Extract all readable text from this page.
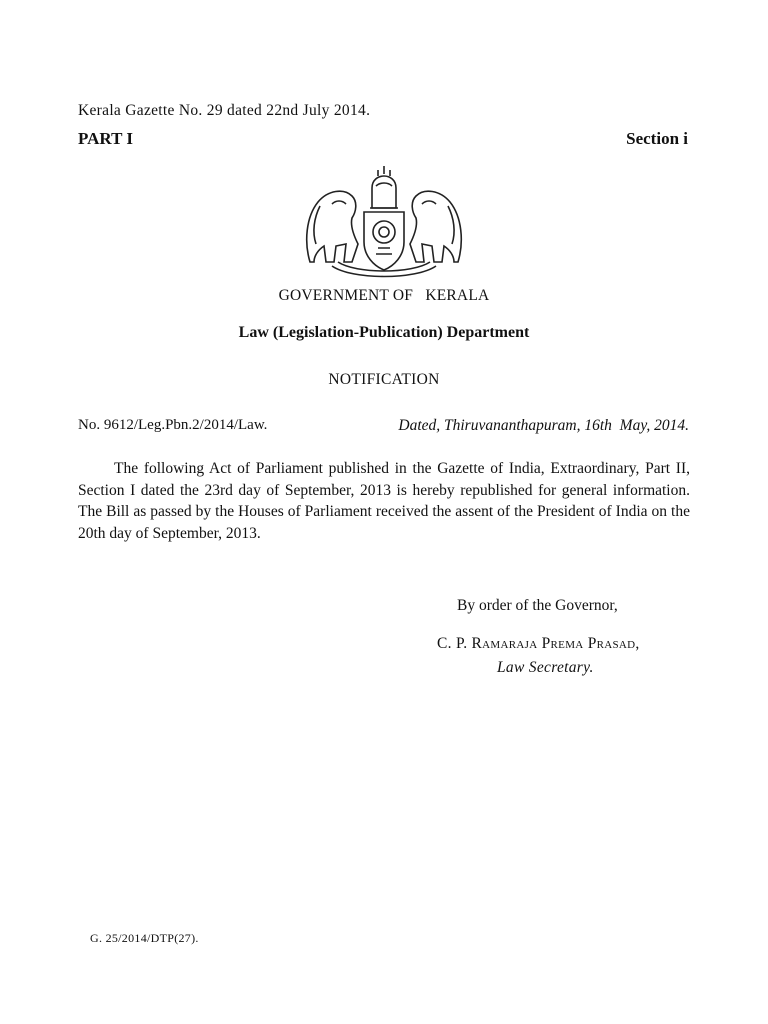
Kerala Gazette No. 29 dated 22nd July 2014.
PART I	Section i
GOVERNMENT OF   KERALA
Law (Legislation-Publication) Department
NOTIFICATION
No. 9612/Leg.Pbn.2/2014/Law.	Dated, Thiruvananthapuram, 16th  May, 2014.
The following Act of Parliament published in the Gazette of India, Extraordinary, Part II, Section I dated the 23rd day of September, 2013 is hereby republished for general information. The Bill as passed by the Houses of Parliament received the assent of the President of India on the 20th day of September, 2013.
By order of the Governor,
C. P. Ramaraja Prema Prasad,
Law Secretary.
G. 25/2014/DTP(27).
